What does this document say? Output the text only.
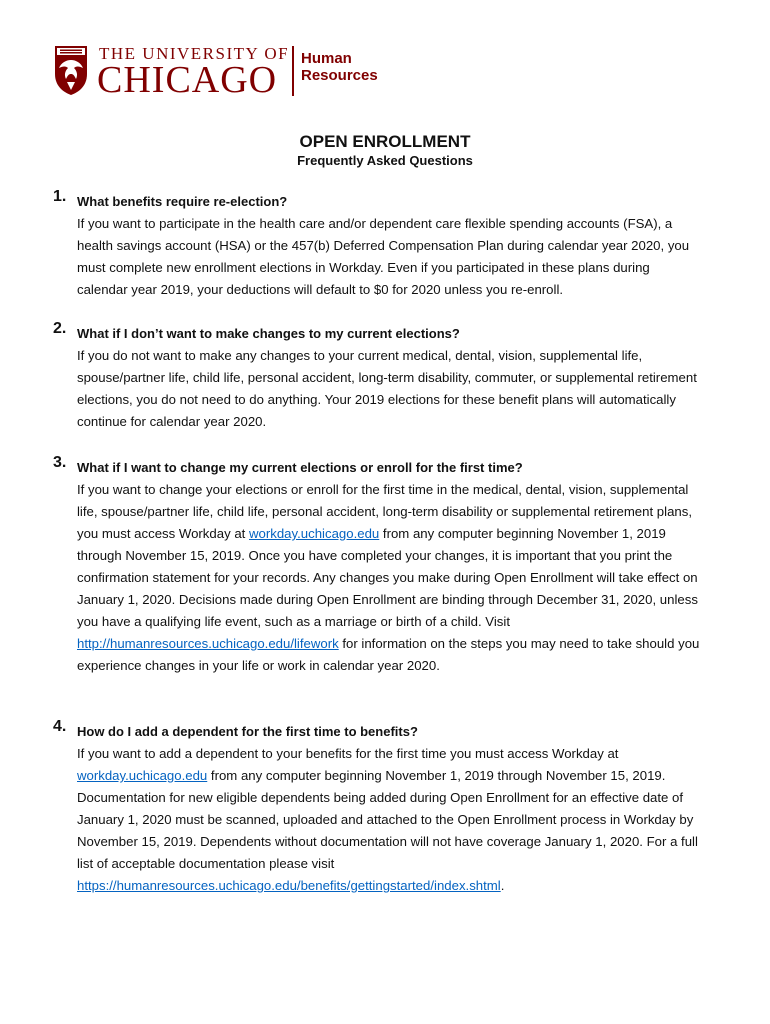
THE UNIVERSITY OF
CHICAGO
Human
Resources
OPEN ENROLLMENT
Frequently Asked Questions
1. What benefits require re-election?
If you want to participate in the health care and/or dependent care flexible spending accounts (FSA), a health savings account (HSA) or the 457(b) Deferred Compensation Plan during calendar year 2020, you must complete new enrollment elections in Workday. Even if you participated in these plans during calendar year 2019, your deductions will default to $0 for 2020 unless you re-enroll.
2. What if I don’t want to make changes to my current elections?
If you do not want to make any changes to your current medical, dental, vision, supplemental life, spouse/partner life, child life, personal accident, long-term disability, commuter, or supplemental retirement elections, you do not need to do anything. Your 2019 elections for these benefit plans will automatically continue for calendar year 2020.
3. What if I want to change my current elections or enroll for the first time?
If you want to change your elections or enroll for the first time in the medical, dental, vision, supplemental life, spouse/partner life, child life, personal accident, long-term disability or supplemental retirement plans, you must access Workday at workday.uchicago.edu from any computer beginning November 1, 2019 through November 15, 2019. Once you have completed your changes, it is important that you print the confirmation statement for your records. Any changes you make during Open Enrollment will take effect on January 1, 2020. Decisions made during Open Enrollment are binding through December 31, 2020, unless you have a qualifying life event, such as a marriage or birth of a child. Visit http://humanresources.uchicago.edu/lifework for information on the steps you may need to take should you experience changes in your life or work in calendar year 2020.
4. How do I add a dependent for the first time to benefits?
If you want to add a dependent to your benefits for the first time you must access Workday at workday.uchicago.edu from any computer beginning November 1, 2019 through November 15, 2019. Documentation for new eligible dependents being added during Open Enrollment for an effective date of January 1, 2020 must be scanned, uploaded and attached to the Open Enrollment process in Workday by November 15, 2019. Dependents without documentation will not have coverage January 1, 2020. For a full list of acceptable documentation please visit https://humanresources.uchicago.edu/benefits/gettingstarted/index.shtml.
